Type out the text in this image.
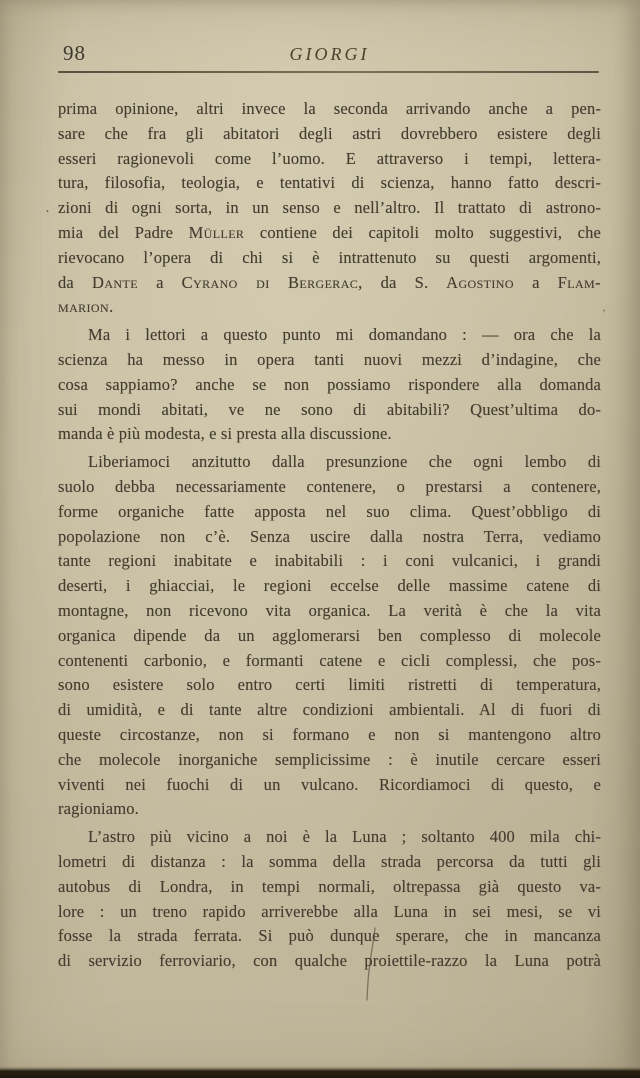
98	GIORGI
prima opinione, altri invece la seconda arrivando anche a pen-
sare che fra gli abitatori degli astri dovrebbero esistere degli
esseri ragionevoli come l’uomo. E attraverso i tempi, lettera-
tura, filosofia, teologia, e tentativi di scienza, hanno fatto descri-
zioni di ogni sorta, in un senso e nell’altro. Il trattato di astrono-
mia del Padre Müller contiene dei capitoli molto suggestivi, che
rievocano l’opera di chi si è intrattenuto su questi argomenti,
da Dante a Cyrano di Bergerac, da S. Agostino a Flam-
marion.
Ma i lettori a questo punto mi domandano : — ora che la
scienza ha messo in opera tanti nuovi mezzi d’indagine, che
cosa sappiamo? anche se non possiamo rispondere alla domanda
sui mondi abitati, ve ne sono di abitabili? Quest’ultima do-
manda è più modesta, e si presta alla discussione.
Liberiamoci anzitutto dalla presunzione che ogni lembo di
suolo debba necessariamente contenere, o prestarsi a contenere,
forme organiche fatte apposta nel suo clima. Quest’obbligo di
popolazione non c’è. Senza uscire dalla nostra Terra, vediamo
tante regioni inabitate e inabitabili : i coni vulcanici, i grandi
deserti, i ghiacciai, le regioni eccelse delle massime catene di
montagne, non ricevono vita organica. La verità è che la vita
organica dipende da un agglomerarsi ben complesso di molecole
contenenti carbonio, e formanti catene e cicli complessi, che pos-
sono esistere solo entro certi limiti ristretti di temperatura,
di umidità, e di tante altre condizioni ambientali. Al di fuori di
queste circostanze, non si formano e non si mantengono altro
che molecole inorganiche semplicissime : è inutile cercare esseri
viventi nei fuochi di un vulcano. Ricordiamoci di questo, e
ragioniamo.
L’astro più vicino a noi è la Luna ; soltanto 400 mila chi-
lometri di distanza : la somma della strada percorsa da tutti gli
autobus di Londra, in tempi normali, oltrepassa già questo va-
lore : un treno rapido arriverebbe alla Luna in sei mesi, se vi
fosse la strada ferrata. Si può dunque sperare, che in mancanza
di servizio ferroviario, con qualche proiettile-razzo la Luna potrà
·
’
